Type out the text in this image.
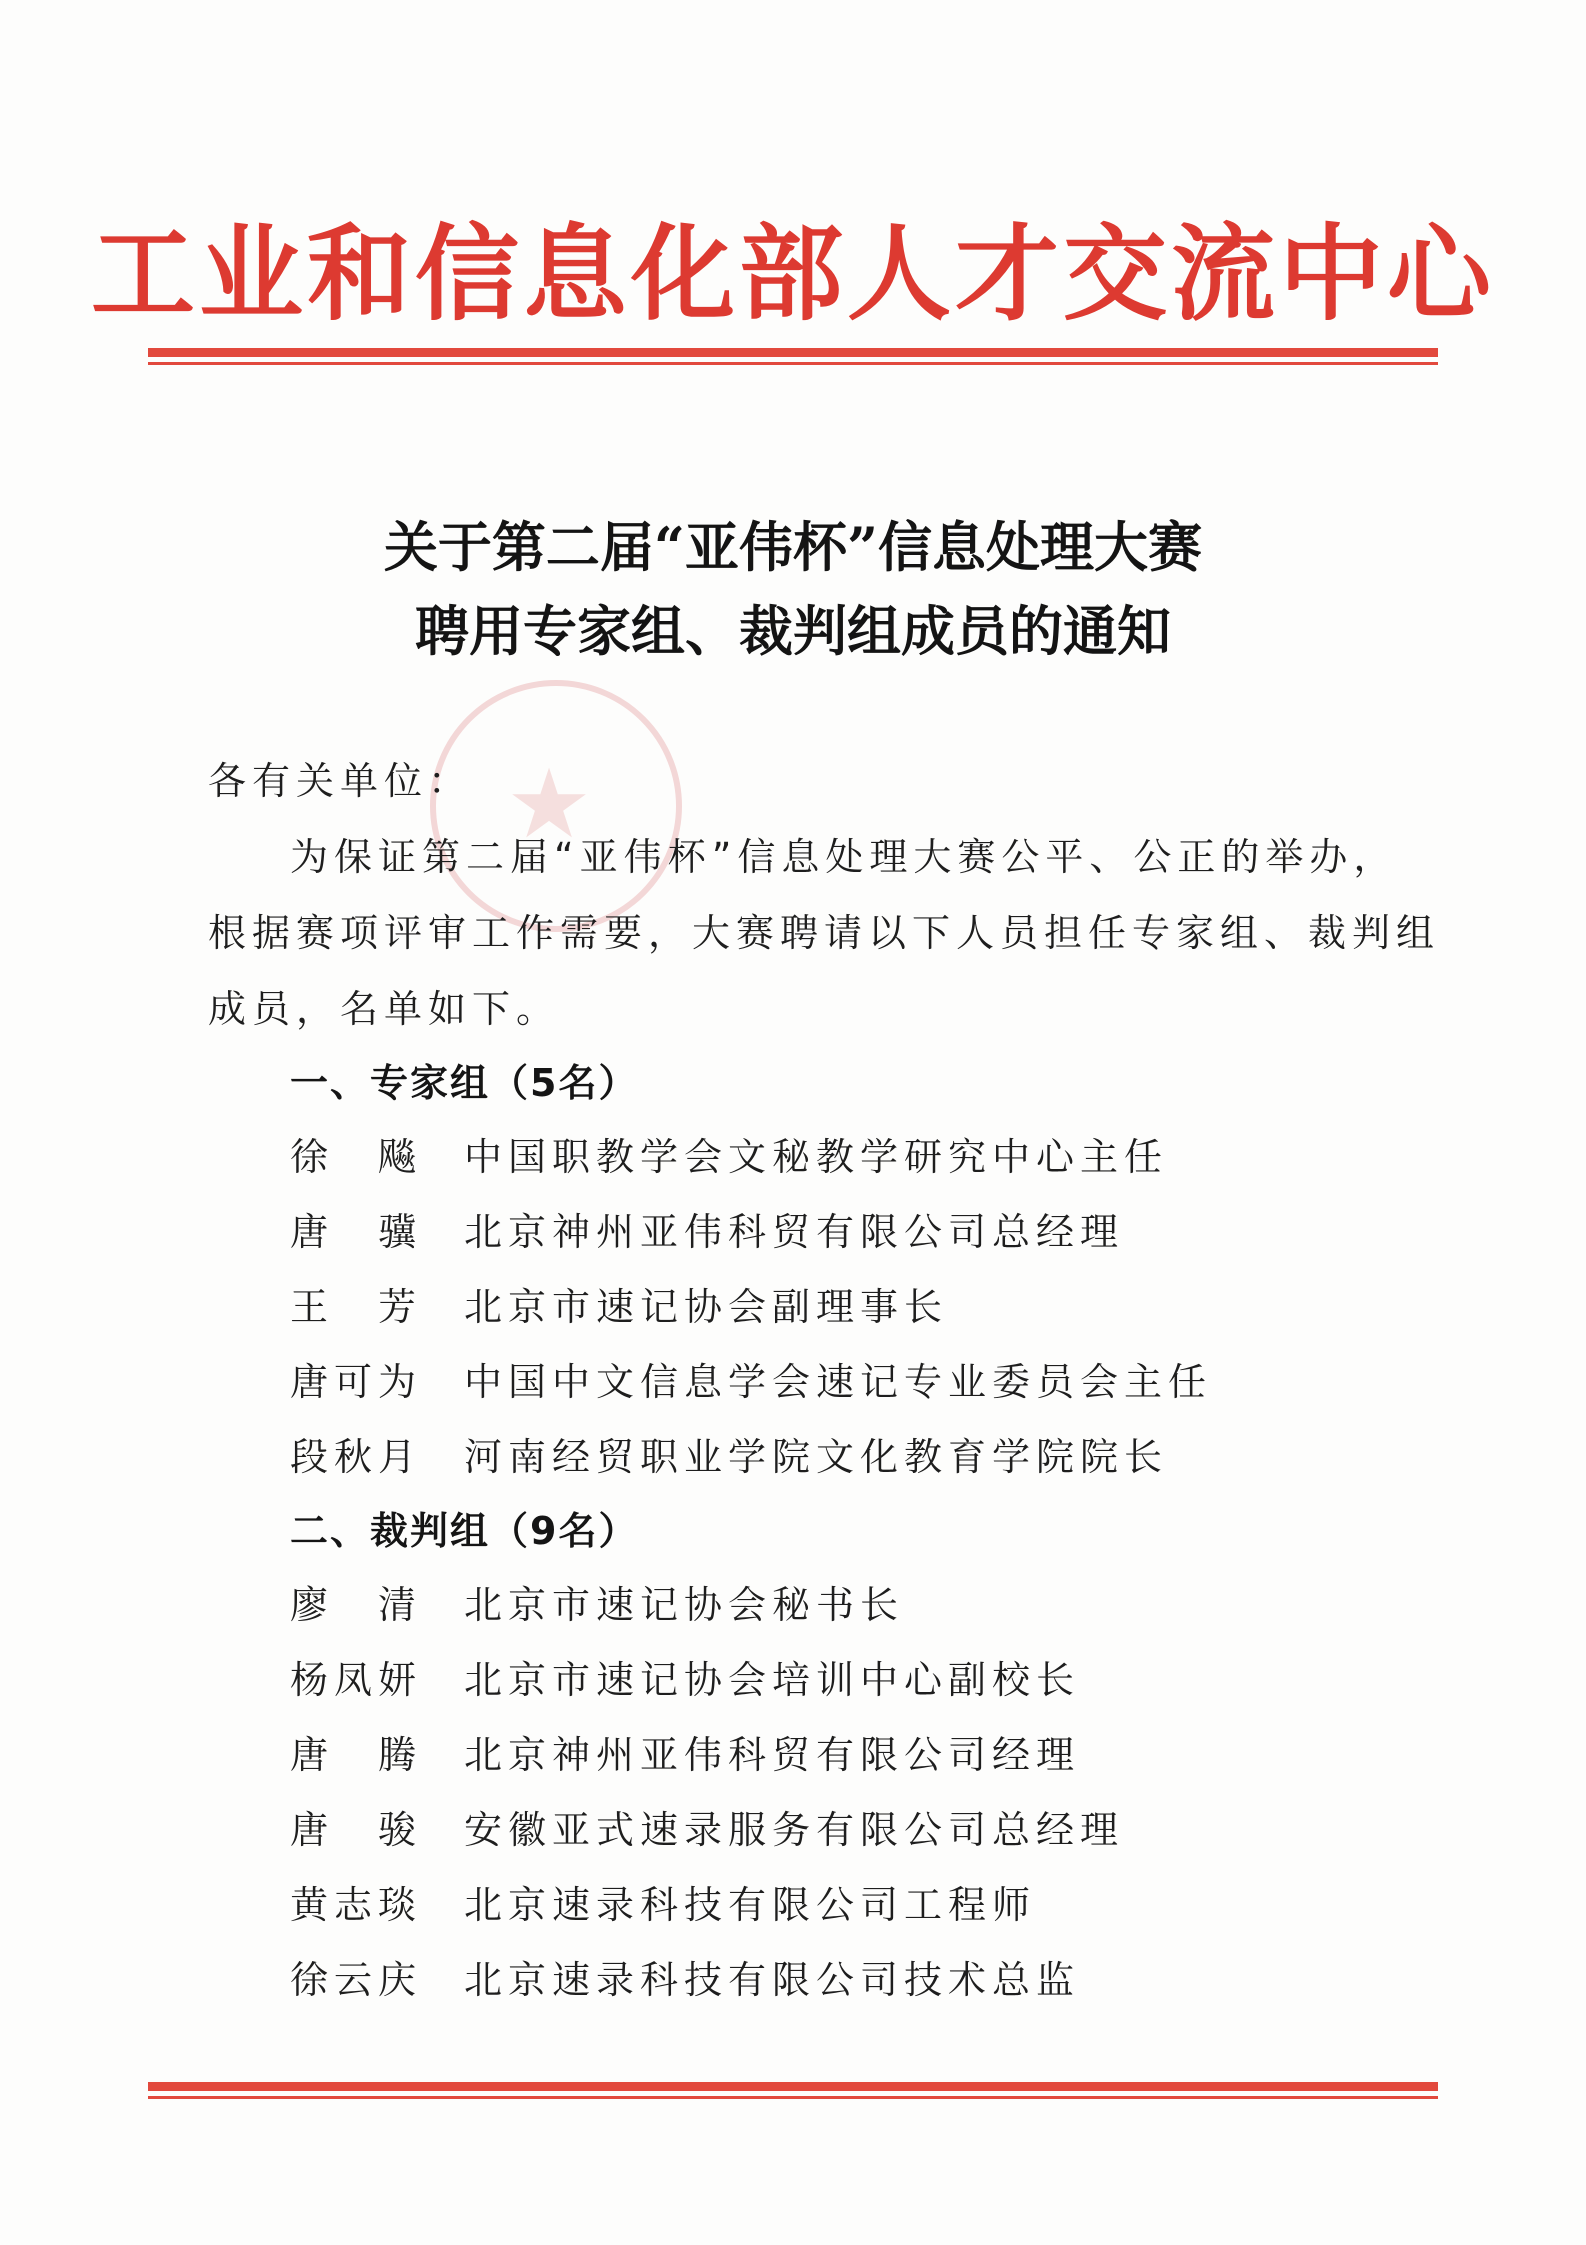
工业和信息化部人才交流中心
★
关于第二届“亚伟杯”信息处理大赛
聘用专家组、裁判组成员的通知
各有关单位：
为保证第二届“亚伟杯”信息处理大赛公平、公正的举办，
根据赛项评审工作需要，大赛聘请以下人员担任专家组、裁判组
成员，名单如下。
一、专家组（5名）
徐飚 中国职教学会文秘教学研究中心主任
唐骥 北京神州亚伟科贸有限公司总经理
王芳 北京市速记协会副理事长
唐可为 中国中文信息学会速记专业委员会主任
段秋月 河南经贸职业学院文化教育学院院长
二、裁判组（9名）
廖清 北京市速记协会秘书长
杨凤妍 北京市速记协会培训中心副校长
唐腾 北京神州亚伟科贸有限公司经理
唐骏 安徽亚式速录服务有限公司总经理
黄志琰 北京速录科技有限公司工程师
徐云庆 北京速录科技有限公司技术总监
